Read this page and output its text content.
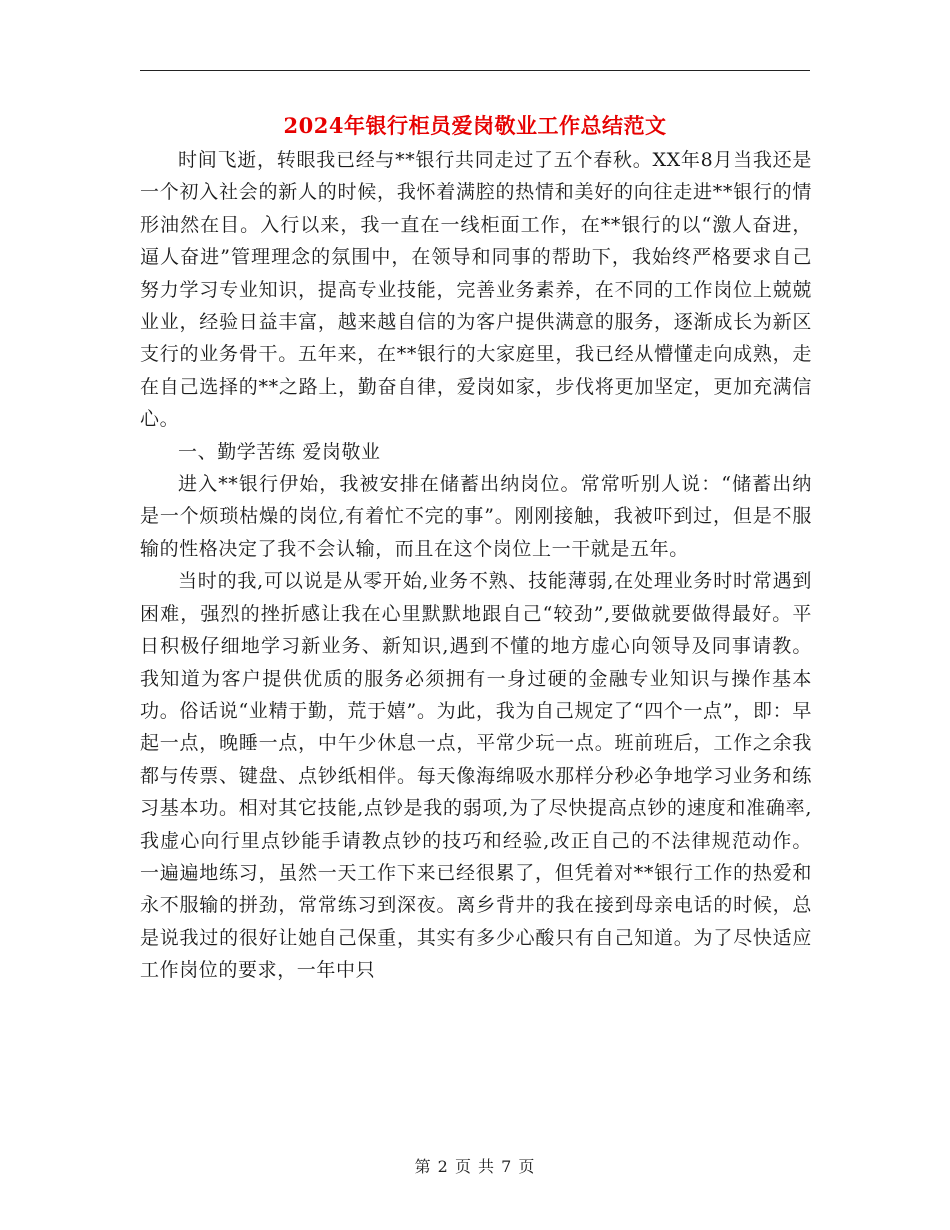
2024年银行柜员爱岗敬业工作总结范文

时间飞逝，转眼我已经与**银行共同走过了五个春秋。XX年8月当我还是一个初入社会的新人的时候，我怀着满腔的热情和美好的向往走进**银行的情形油然在目。入行以来，我一直在一线柜面工作，在**银行的以“激人奋进，逼人奋进”管理理念的氛围中，在领导和同事的帮助下，我始终严格要求自己努力学习专业知识，提高专业技能，完善业务素养，在不同的工作岗位上兢兢业业，经验日益丰富，越来越自信的为客户提供满意的服务，逐渐成长为新区支行的业务骨干。五年来，在**银行的大家庭里，我已经从懵懂走向成熟，走在自己选择的**之路上，勤奋自律，爱岗如家，步伐将更加坚定，更加充满信心。

一、勤学苦练 爱岗敬业

进入**银行伊始，我被安排在储蓄出纳岗位。常常听别人说：“储蓄出纳是一个烦琐枯燥的岗位,有着忙不完的事”。刚刚接触，我被吓到过，但是不服输的性格决定了我不会认输，而且在这个岗位上一干就是五年。

当时的我,可以说是从零开始,业务不熟、技能薄弱,在处理业务时时常遇到困难，强烈的挫折感让我在心里默默地跟自己“较劲”,要做就要做得最好。平日积极仔细地学习新业务、新知识,遇到不懂的地方虚心向领导及同事请教。我知道为客户提供优质的服务必须拥有一身过硬的金融专业知识与操作基本功。俗话说“业精于勤，荒于嬉”。为此，我为自己规定了“四个一点”，即：早起一点，晚睡一点，中午少休息一点，平常少玩一点。班前班后，工作之余我都与传票、键盘、点钞纸相伴。每天像海绵吸水那样分秒必争地学习业务和练习基本功。相对其它技能,点钞是我的弱项,为了尽快提高点钞的速度和准确率,我虚心向行里点钞能手请教点钞的技巧和经验,改正自己的不法律规范动作。一遍遍地练习，虽然一天工作下来已经很累了，但凭着对**银行工作的热爱和永不服输的拼劲，常常练习到深夜。离乡背井的我在接到母亲电话的时候，总是说我过的很好让她自己保重，其实有多少心酸只有自己知道。为了尽快适应工作岗位的要求，一年中只

第 2 页 共 7 页
